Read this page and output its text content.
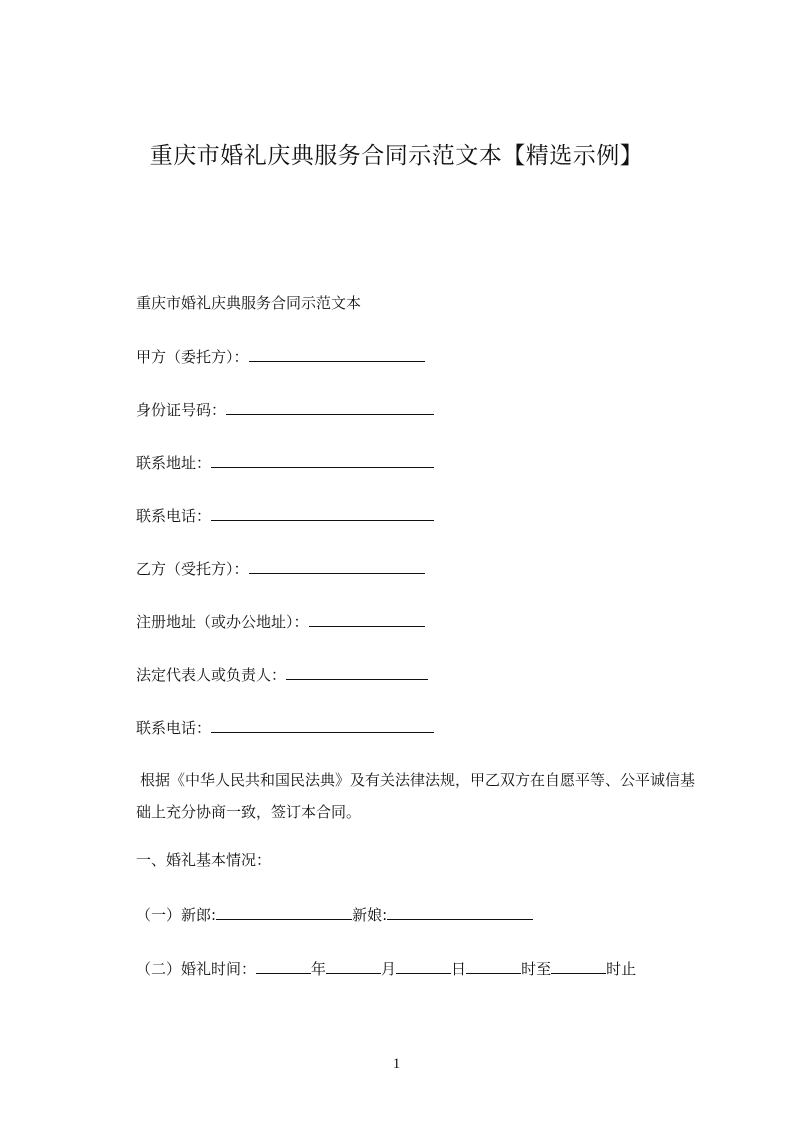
重庆市婚礼庆典服务合同示范文本【精选示例】
重庆市婚礼庆典服务合同示范文本
甲方（委托方）：
身份证号码：
联系地址：
联系电话：
乙方（受托方）：
注册地址（或办公地址）：
法定代表人或负责人：
联系电话：
根据《中华人民共和国民法典》及有关法律法规，甲乙双方在自愿平等、公平诚信基础上充分协商一致，签订本合同。
一、婚礼基本情况：
（一）新郎:	新娘:
（二）婚礼时间：	年	月	日	时至	时止
1
